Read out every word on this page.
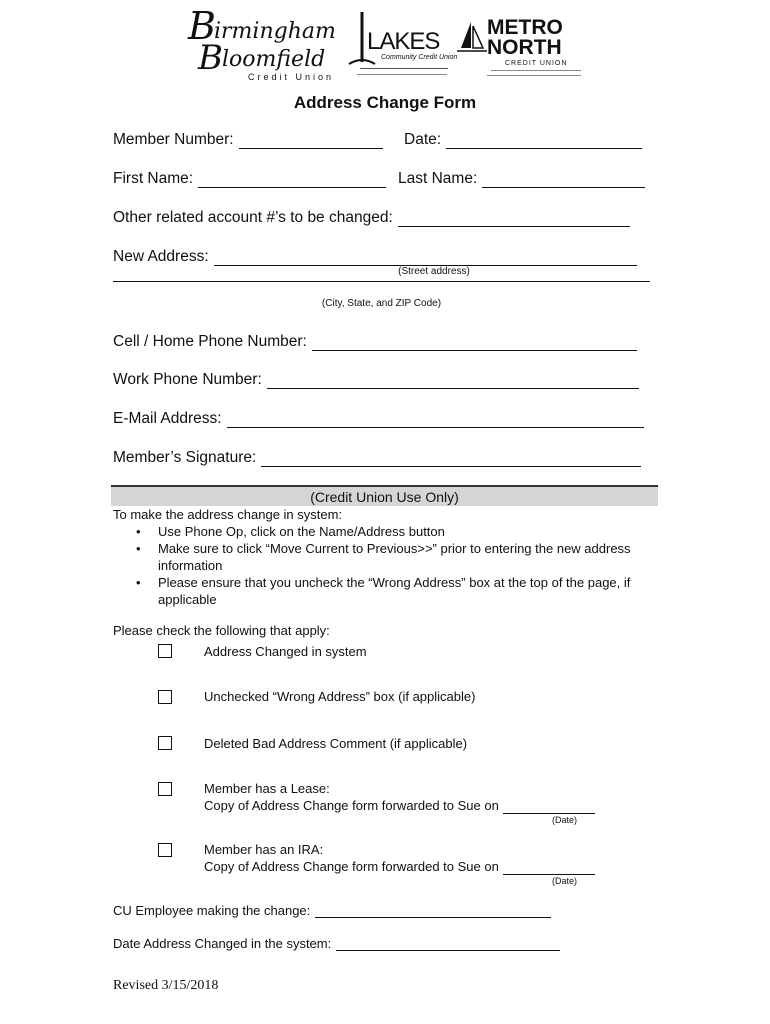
B
irmingham
B loomfield
Credit Union
LAKES
Community Credit Union
METRO
NORTH
CREDIT UNION
Address Change Form
Member Number:	Date:
First Name:	Last Name:
Other related account #’s to be changed:
New Address:
(Street address)
(City, State, and ZIP Code)
Cell / Home Phone Number:
Work Phone Number:
E-Mail Address:
Member’s Signature:
(Credit Union Use Only)
To make the address change in system:
• Use Phone Op, click on the Name/Address button
• Make sure to click “Move Current to Previous>>” prior to entering the new address information
• Please ensure that you uncheck the “Wrong Address” box at the top of the page, if applicable
Please check the following that apply:
Address Changed in system
Unchecked “Wrong Address” box (if applicable)
Deleted Bad Address Comment (if applicable)
Member has a Lease:
Copy of Address Change form forwarded to Sue on
(Date)
Member has an IRA:
Copy of Address Change form forwarded to Sue on
(Date)
CU Employee making the change:
Date Address Changed in the system:
Revised 3/15/2018
